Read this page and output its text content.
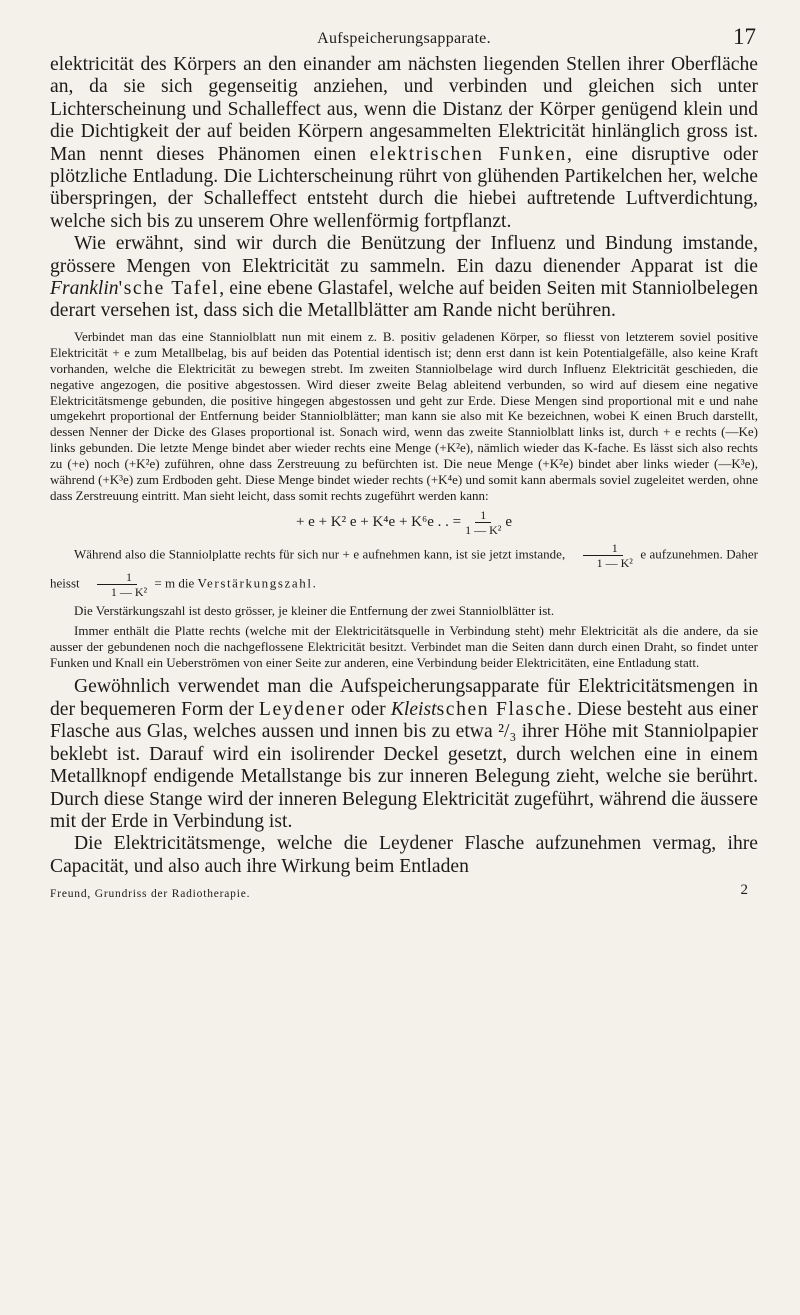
Aufspeicherungsapparate.	17

elektricität des Körpers an den einander am nächsten liegenden Stellen ihrer Oberfläche an, da sie sich gegenseitig anziehen, und verbinden und gleichen sich unter Lichterscheinung und Schalleffect aus, wenn die Distanz der Körper genügend klein und die Dichtigkeit der auf beiden Körpern angesammelten Elektricität hinlänglich gross ist. Man nennt dieses Phänomen einen elektrischen Funken, eine disruptive oder plötzliche Entladung. Die Lichterscheinung rührt von glühenden Partikelchen her, welche überspringen, der Schalleffect entsteht durch die hiebei auftretende Luftverdichtung, welche sich bis zu unserem Ohre wellenförmig fortpflanzt.

Wie erwähnt, sind wir durch die Benützung der Influenz und Bindung imstande, grössere Mengen von Elektricität zu sammeln. Ein dazu dienender Apparat ist die Franklin'sche Tafel, eine ebene Glastafel, welche auf beiden Seiten mit Stanniolbelegen derart versehen ist, dass sich die Metallblätter am Rande nicht berühren.

Verbindet man das eine Stanniolblatt nun mit einem z. B. positiv geladenen Körper, so fliesst von letzterem soviel positive Elektricität + e zum Metallbelag, bis auf beiden das Potential identisch ist; denn erst dann ist kein Potentialgefälle, also keine Kraft vorhanden, welche die Elektricität zu bewegen strebt. Im zweiten Stanniolbelage wird durch Influenz Elektricität geschieden, die negative angezogen, die positive abgestossen. Wird dieser zweite Belag ableitend verbunden, so wird auf diesem eine negative Elektricitätsmenge gebunden, die positive hingegen abgestossen und geht zur Erde. Diese Mengen sind proportional mit e und nahe umgekehrt proportional der Entfernung beider Stanniolblätter; man kann sie also mit Ke bezeichnen, wobei K einen Bruch darstellt, dessen Nenner der Dicke des Glases proportional ist. Sonach wird, wenn das zweite Stanniolblatt links ist, durch + e rechts (—Ke) links gebunden. Die letzte Menge bindet aber wieder rechts eine Menge (+K²e), nämlich wieder das K-fache. Es lässt sich also rechts zu (+e) noch (+K²e) zuführen, ohne dass Zerstreuung zu befürchten ist. Die neue Menge (+K²e) bindet aber links wieder (—K³e), während (+K³e) zum Erdboden geht. Diese Menge bindet wieder rechts (+K⁴e) und somit kann abermals soviel zugeleitet werden, ohne dass Zerstreuung eintritt. Man sieht leicht, dass somit rechts zugeführt werden kann:

+ e + K² e + K⁴e + K⁶e . . = $\frac{1}{\text{1 — K²}}$ e

Während also die Stanniolplatte rechts für sich nur + e aufnehmen kann, ist sie jetzt imstande, $\frac{1}{\text{1 — K²}}$ e aufzunehmen. Daher heisst $\frac{1}{\text{1 — K²}} = m$ die Verstärkungszahl.

Die Verstärkungszahl ist desto grösser, je kleiner die Entfernung der zwei Stanniolblätter ist.

Immer enthält die Platte rechts (welche mit der Elektricitätsquelle in Verbindung steht) mehr Elektricität als die andere, da sie ausser der gebundenen noch die nachgeflossene Elektricität besitzt. Verbindet man die Seiten dann durch einen Draht, so findet unter Funken und Knall ein Ueberströmen von einer Seite zur anderen, eine Verbindung beider Elektricitäten, eine Entladung statt.

Gewöhnlich verwendet man die Aufspeicherungsapparate für Elektricitätsmengen in der bequemeren Form der Leydener oder Kleistschen Flasche. Diese besteht aus einer Flasche aus Glas, welches aussen und innen bis zu etwa ²/₃ ihrer Höhe mit Stanniolpapier beklebt ist. Darauf wird ein isolirender Deckel gesetzt, durch welchen eine in einem Metallknopf endigende Metallstange bis zur inneren Belegung zieht, welche sie berührt. Durch diese Stange wird der inneren Belegung Elektricität zugeführt, während die äussere mit der Erde in Verbindung ist.

Die Elektricitätsmenge, welche die Leydener Flasche aufzunehmen vermag, ihre Capacität, und also auch ihre Wirkung beim Entladen

Freund, Grundriss der Radiotherapie.	2
